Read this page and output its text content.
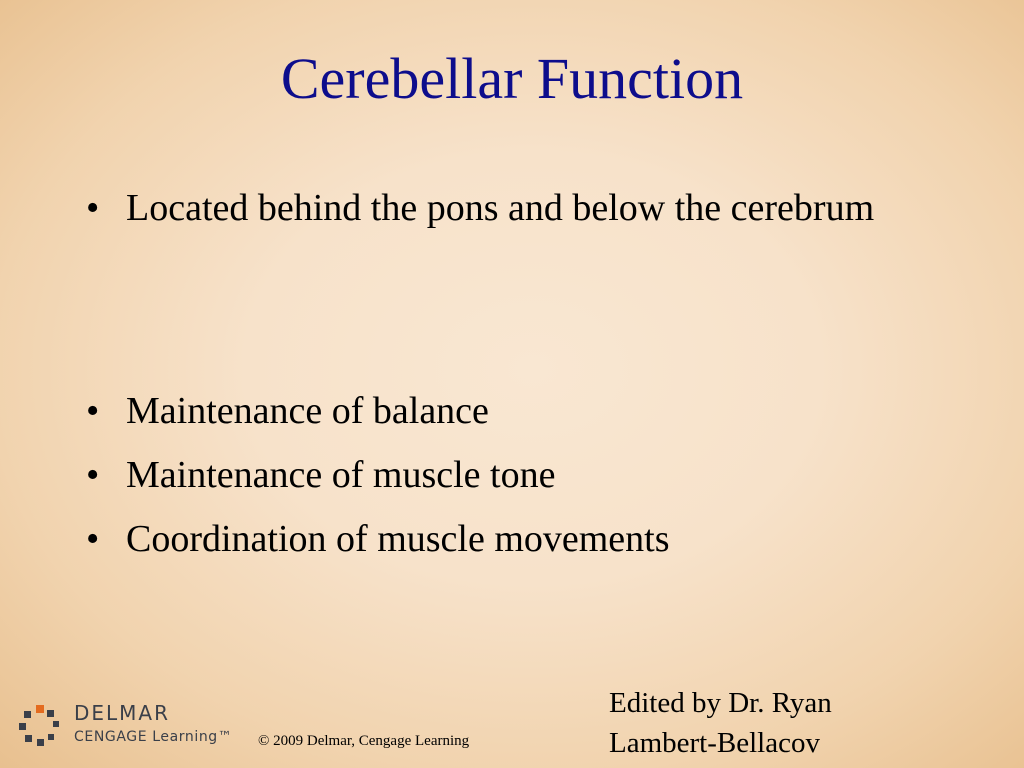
Cerebellar Function
• Located behind the pons and below the cerebrum
• Maintenance of balance
• Maintenance of muscle tone
• Coordination of muscle movements
DELMAR
CENGAGE Learning™ © 2009 Delmar, Cengage Learning
Edited by Dr. Ryan
Lambert-Bellacov
